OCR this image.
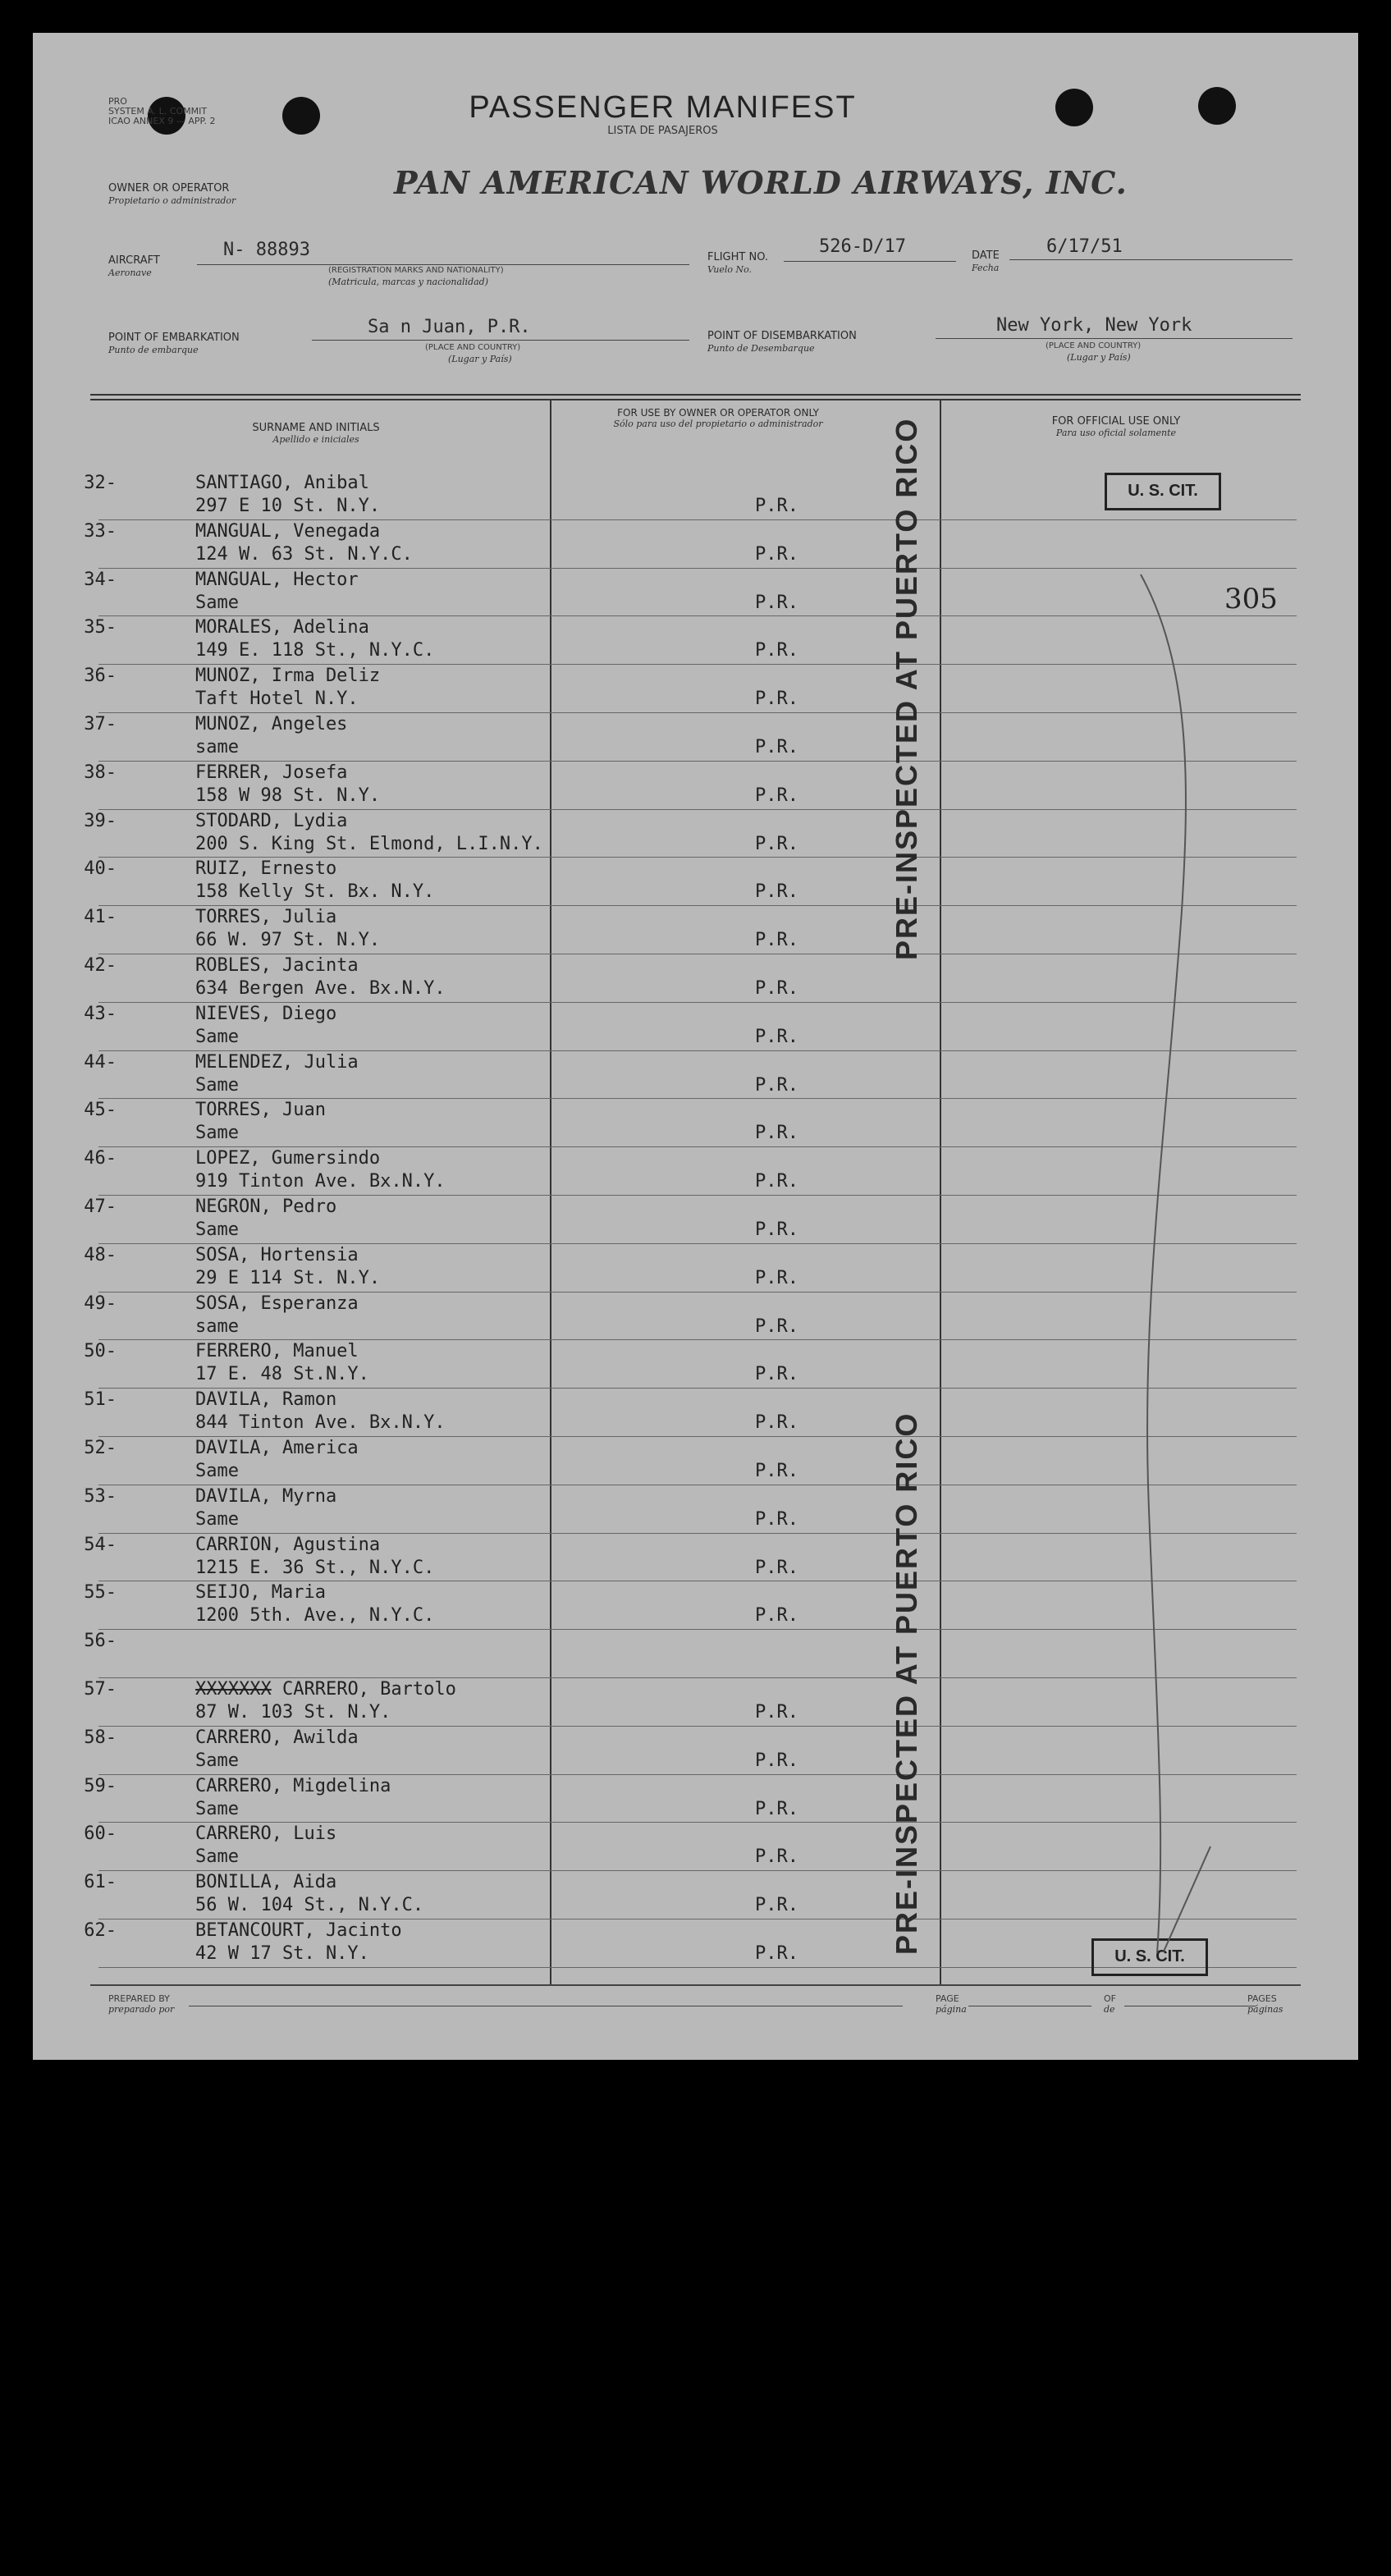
PRO
SYSTEM A. L. COMMIT
ICAO ANNEX 9 — APP. 2	PASSENGER MANIFEST
LISTA DE PASAJEROS
OWNER OR OPERATOR
Propietario o administrador	PAN AMERICAN WORLD AIRWAYS, INC.
AIRCRAFT
Aeronave
N- 88893
(REGISTRATION MARKS AND NATIONALITY)
(Matricula, marcas y nacionalidad)
FLIGHT NO.
Vuelo No.
526-D/17	DATE
Fecha
6/17/51
POINT OF EMBARKATION
Punto de embarque
Sa n Juan, P.R.
(PLACE AND COUNTRY)
(Lugar y País)
POINT OF DISEMBARKATION
Punto de Desembarque
New York, New York
(PLACE AND COUNTRY)
(Lugar y País)
SURNAME AND INITIALS
Apellido e iniciales
FOR USE BY OWNER OR OPERATOR ONLY
Sólo para uso del propietario o administrador	FOR OFFICIAL USE ONLY
Para uso oficial solamente
32-	SANTIAGO, Anibal
297 E 10 St. N.Y.	P.R.
33-	MANGUAL, Venegada
124 W. 63 St. N.Y.C.	P.R.
34-	MANGUAL, Hector
Same	P.R.
35-	MORALES, Adelina
149 E. 118 St., N.Y.C.	P.R.
36-	MUNOZ, Irma Deliz
Taft Hotel N.Y.	P.R.
37-	MUNOZ, Angeles
same	P.R.
38-	FERRER, Josefa
158 W 98 St. N.Y.	P.R.
39-	STODARD, Lydia
200 S. King St. Elmond, L.I.N.Y.	P.R.
40-	RUIZ, Ernesto
158 Kelly St. Bx. N.Y.	P.R.
41-	TORRES, Julia
66 W. 97 St. N.Y.	P.R.
42-	ROBLES, Jacinta
634 Bergen Ave. Bx.N.Y.	P.R.
43-	NIEVES, Diego
Same	P.R.
44-	MELENDEZ, Julia
Same	P.R.
45-	TORRES, Juan
Same	P.R.
46-	LOPEZ, Gumersindo
919 Tinton Ave. Bx.N.Y.	P.R.
47-	NEGRON, Pedro
Same	P.R.
48-	SOSA, Hortensia
29 E 114 St. N.Y.	P.R.
49-	SOSA, Esperanza
same	P.R.
50-	FERRERO, Manuel
17 E. 48 St.N.Y.	P.R.
51-	DAVILA, Ramon
844 Tinton Ave. Bx.N.Y.	P.R.
52-	DAVILA, America
Same	P.R.
53-	DAVILA, Myrna
Same	P.R.
54-	CARRION, Agustina
1215 E. 36 St., N.Y.C.	P.R.
55-	SEIJO, Maria
1200 5th. Ave., N.Y.C.	P.R.
56-
57-	XXXXXXX CARRERO, Bartolo
87 W. 103 St. N.Y.	P.R.
58-	CARRERO, Awilda
Same	P.R.
59-	CARRERO, Migdelina
Same	P.R.
60-	CARRERO, Luis
Same	P.R.
61-	BONILLA, Aida
56 W. 104 St., N.Y.C.	P.R.
62-	BETANCOURT, Jacinto
42 W 17 St. N.Y.	P.R.
PRE-INSPECTED AT PUERTO RICO
PRE-INSPECTED AT PUERTO RICO
U. S. CIT.
U. S. CIT.
305
PREPARED BY
preparado por
PAGE
página
OF
de
PAGES
páginas
